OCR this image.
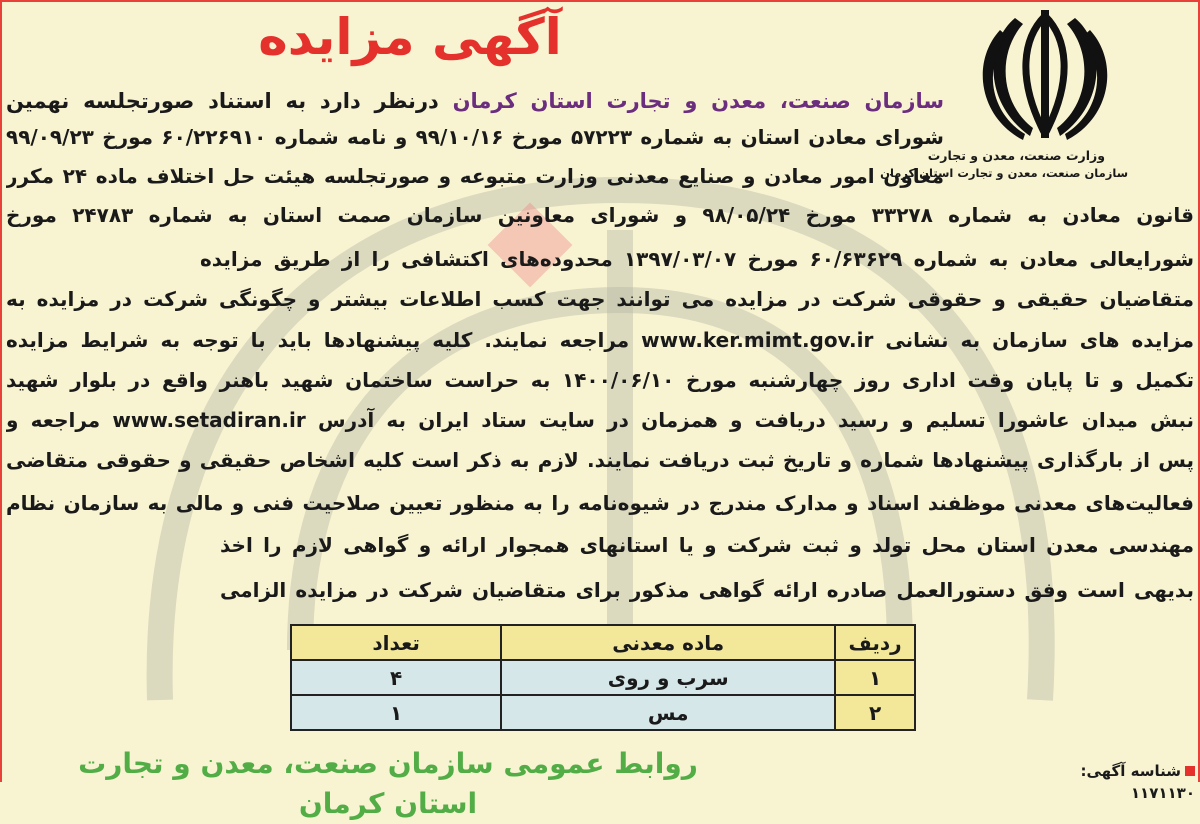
آگهی مزایده
وزارت صنعت، معدن و تجارت
سازمان صنعت، معدن و تجارت استان کرمان
سازمان صنعت، معدن و تجارت استان کرمان درنظر دارد به استناد صورتجلسه نهمین
شورای معادن استان به شماره ۵۷۲۲۳ مورخ ۹۹/۱۰/۱۶ و نامه شماره ۶۰/۲۲۶۹۱۰ مورخ ۹۹/۰۹/۲۳
معاون امور معادن و صنایع معدنی وزارت متبوعه و صورتجلسه هیئت حل اختلاف ماده ۲۴ مکرر
قانون معادن به شماره ۳۳۲۷۸ مورخ ۹۸/۰۵/۲۴ و شورای معاونین سازمان صمت استان به شماره ۲۴۷۸۳ مورخ
شورایعالی معادن به شماره ۶۰/۶۳۶۲۹ مورخ ۱۳۹۷/۰۳/۰۷ محدوده‌های اکتشافی را از طریق مزایده
متقاضیان حقیقی و حقوقی شرکت در مزایده می توانند جهت کسب اطلاعات بیشتر و چگونگی شرکت در مزایده به
مزایده های سازمان به نشانی www.ker.mimt.gov.ir مراجعه نمایند. کلیه پیشنهادها باید با توجه به شرایط مزایده
تکمیل و تا پایان وقت اداری روز چهارشنبه مورخ ۱۴۰۰/۰۶/۱۰ به حراست ساختمان شهید باهنر واقع در بلوار شهید
نبش میدان عاشورا تسلیم و رسید دریافت و همزمان در سایت ستاد ایران به آدرس www.setadiran.ir مراجعه و
پس از بارگذاری پیشنهادها شماره و تاریخ ثبت دریافت نمایند. لازم به ذکر است کلیه اشخاص حقیقی و حقوقی متقاضی
فعالیت‌های معدنی موظفند اسناد و مدارک مندرج در شیوه‌نامه را به منظور تعیین صلاحیت فنی و مالی به سازمان نظام
مهندسی معدن استان محل تولد و ثبت شرکت و یا استانهای همجوار ارائه و گواهی لازم را اخذ
بدیهی است وفق دستورالعمل صادره ارائه گواهی مذکور برای متقاضیان شرکت در مزایده الزامی
ردیف	ماده معدنی	تعداد
۱	سرب و روی	۴
۲	مس	۱
روابط عمومی سازمان صنعت، معدن و تجارت استان کرمان
شناسه آگهی: ۱۱۷۱۱۳۰
